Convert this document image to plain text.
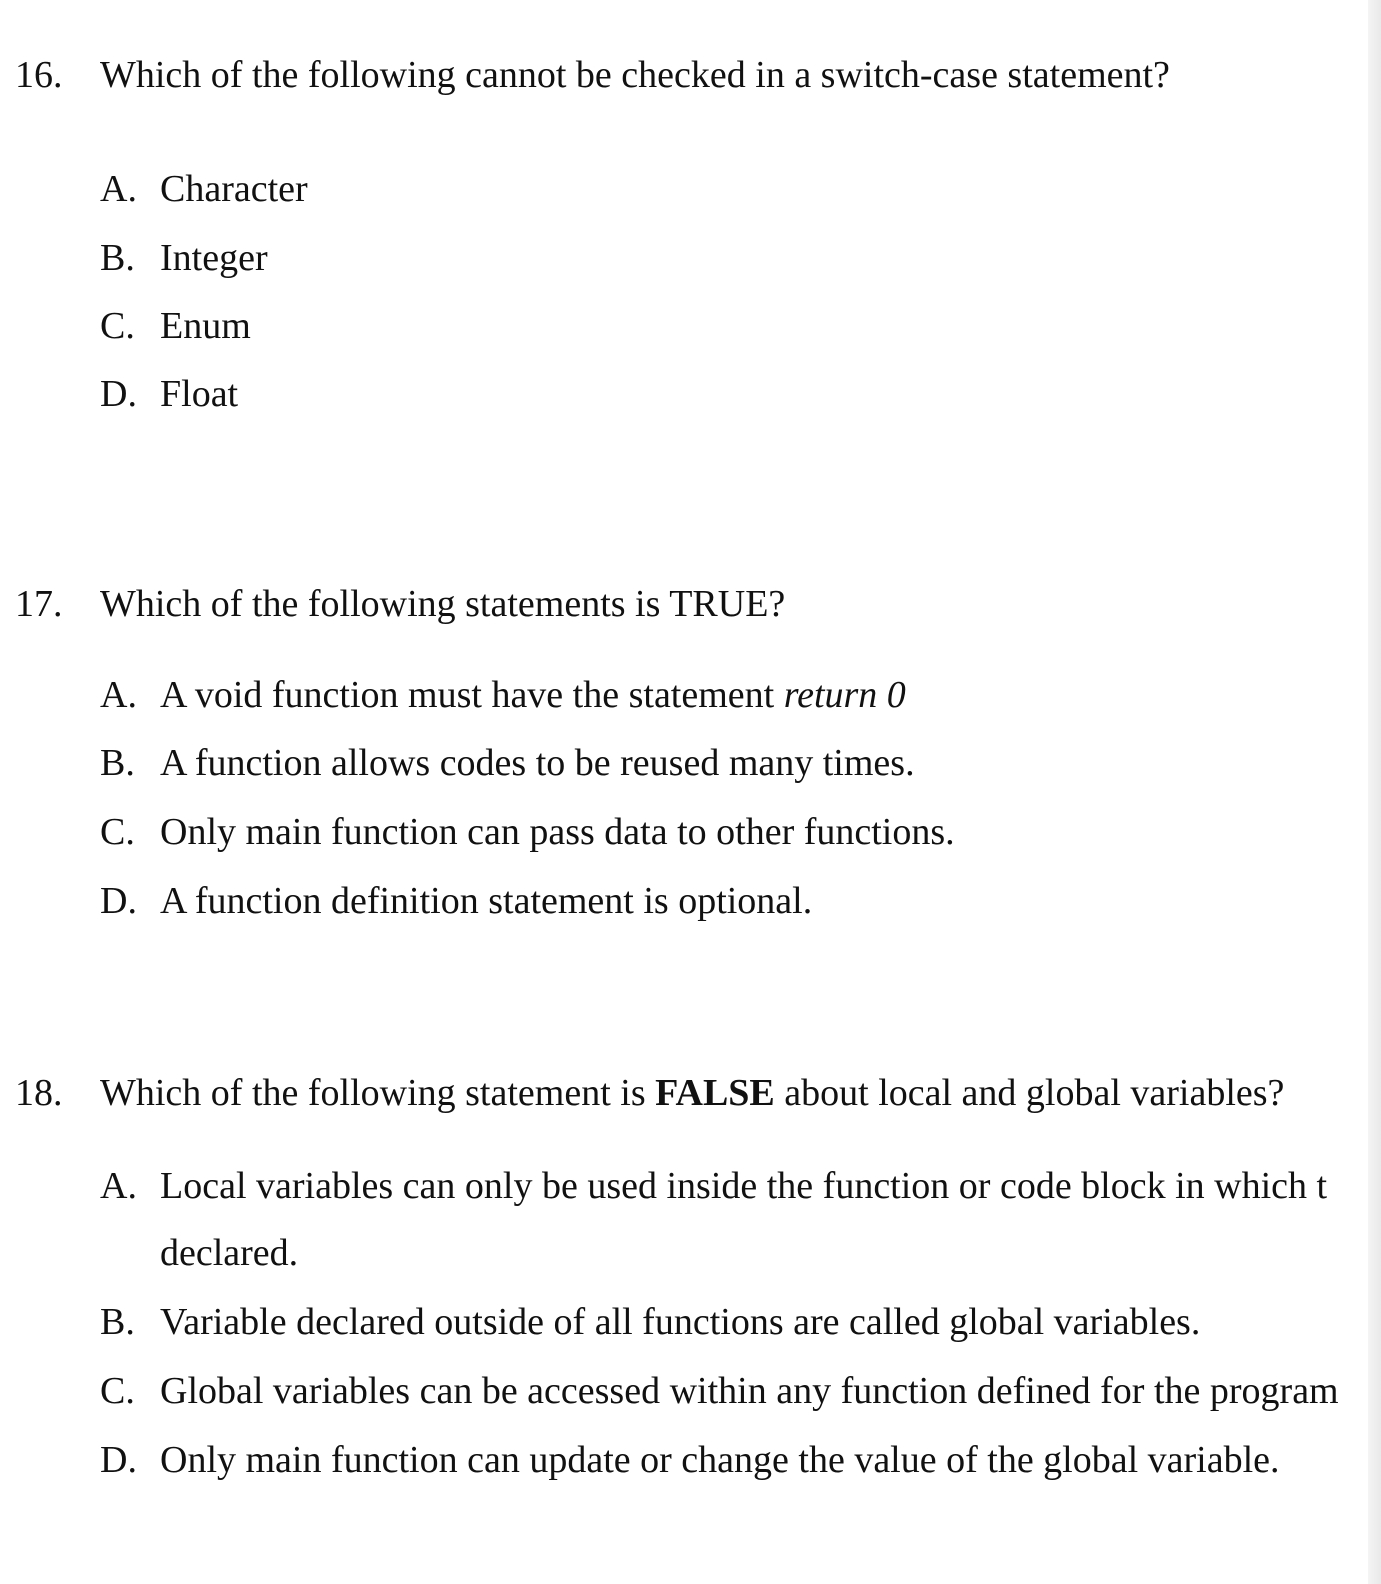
16. Which of the following cannot be checked in a switch-case statement?
A. Character
B. Integer
C. Enum
D. Float
17. Which of the following statements is TRUE?
A. A void function must have the statement return 0
B. A function allows codes to be reused many times.
C. Only main function can pass data to other functions.
D. A function definition statement is optional.
18. Which of the following statement is FALSE about local and global variables?
A. Local variables can only be used inside the function or code block in which t
declared.
B. Variable declared outside of all functions are called global variables.
C. Global variables can be accessed within any function defined for the program
D. Only main function can update or change the value of the global variable.
